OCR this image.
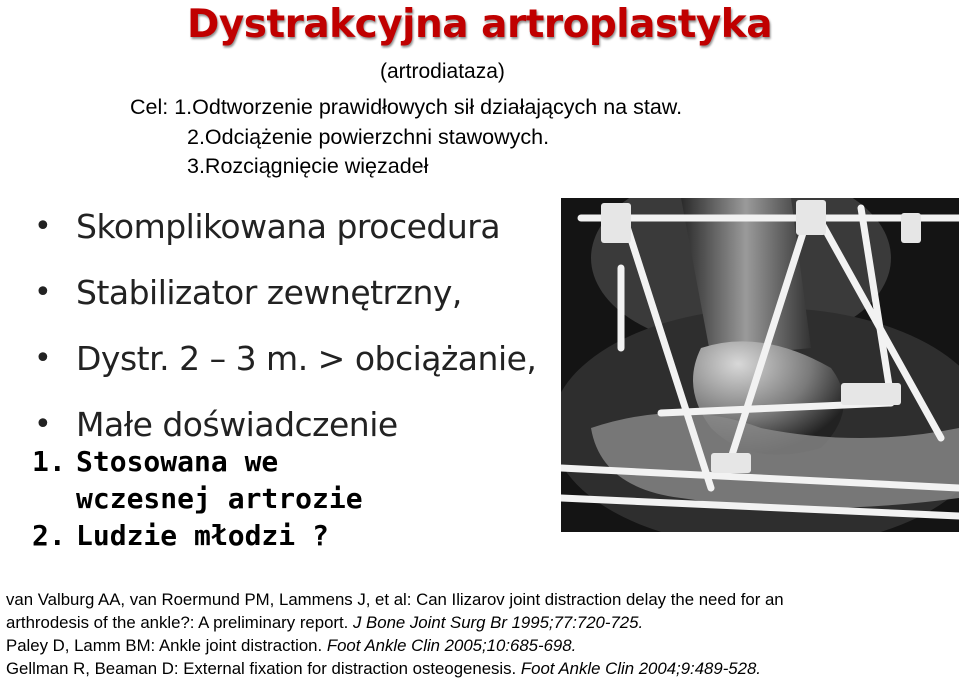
Dystrakcyjna artroplastyka
(artrodiataza)
Cel: 1.Odtworzenie prawidłowych sił działających na staw.
2.Odciążenie powierzchni stawowych.
3.Rozciągnięcie więzadeł
• Skomplikowana procedura
• Stabilizator zewnętrzny,
• Dystr. 2 – 3 m. > obciążanie,
• Małe doświadczenie
1. Stosowana we
wczesnej artrozie
2. Ludzie młodzi ?
van Valburg AA, van Roermund PM, Lammens J, et al: Can Ilizarov joint distraction delay the need for an
arthrodesis of the ankle?: A preliminary report. J Bone Joint Surg Br 1995;77:720-725.
Paley D, Lamm BM: Ankle joint distraction. Foot Ankle Clin 2005;10:685-698.
Gellman R, Beaman D: External fixation for distraction osteogenesis. Foot Ankle Clin 2004;9:489-528.
